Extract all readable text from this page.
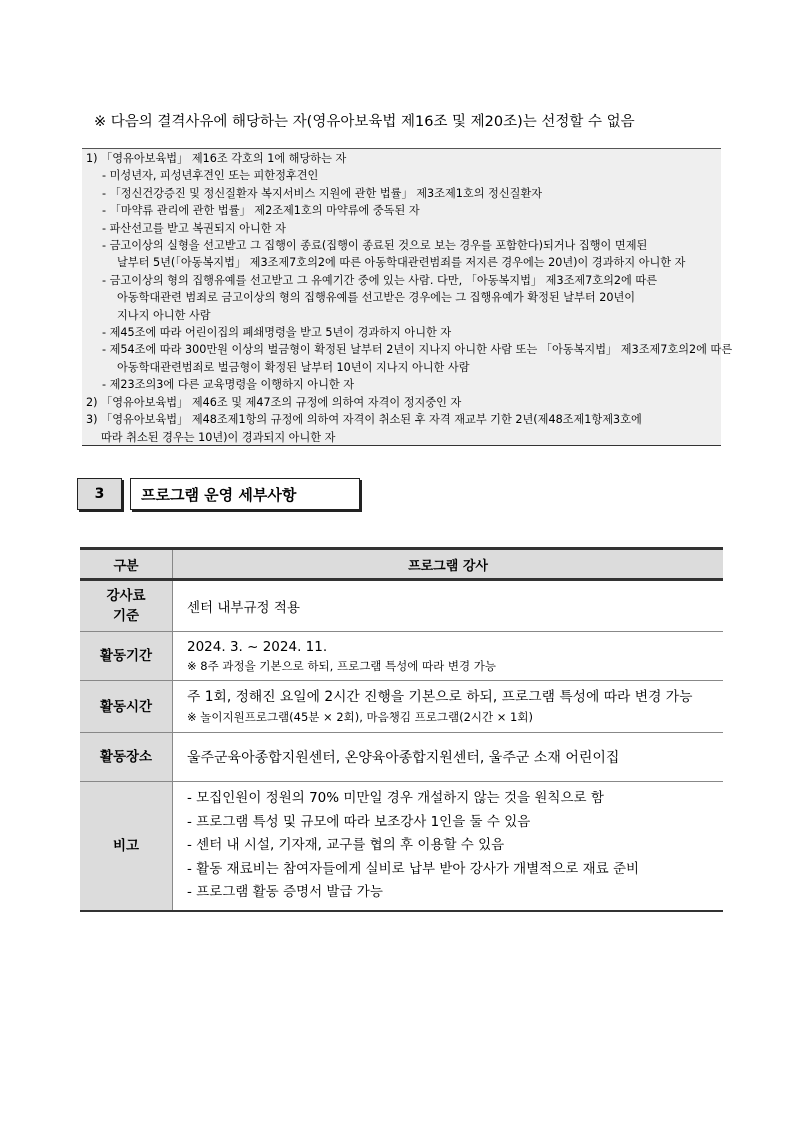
※ 다음의 결격사유에 해당하는 자(영유아보육법 제16조 및 제20조)는 선정할 수 없음
1) 「영유아보육법」 제16조 각호의 1에 해당하는 자
- 미성년자, 피성년후견인 또는 피한정후견인
- 「정신건강증진 및 정신질환자 복지서비스 지원에 관한 법률」 제3조제1호의 정신질환자
- 「마약류 관리에 관한 법률」 제2조제1호의 마약류에 중독된 자
- 파산선고를 받고 복권되지 아니한 자
- 금고이상의 실형을 선고받고 그 집행이 종료(집행이 종료된 것으로 보는 경우를 포함한다)되거나 집행이 면제된
날부터 5년(「아동복지법」 제3조제7호의2에 따른 아동학대관련범죄를 저지른 경우에는 20년)이 경과하지 아니한 자
- 금고이상의 형의 집행유예를 선고받고 그 유예기간 중에 있는 사람. 다만, 「아동복지법」 제3조제7호의2에 따른
아동학대관련 범죄로 금고이상의 형의 집행유예를 선고받은 경우에는 그 집행유예가 확정된 날부터 20년이
지나지 아니한 사람
- 제45조에 따라 어린이집의 폐쇄명령을 받고 5년이 경과하지 아니한 자
- 제54조에 따라 300만원 이상의 벌금형이 확정된 날부터 2년이 지나지 아니한 사람 또는 「아동복지법」 제3조제7호의2에 따른
아동학대관련범죄로 벌금형이 확정된 날부터 10년이 지나지 아니한 사람
- 제23조의3에 다른 교육명령을 이행하지 아니한 자
2) 「영유아보육법」 제46조 및 제47조의 규정에 의하여 자격이 정지중인 자
3) 「영유아보육법」 제48조제1항의 규정에 의하여 자격이 취소된 후 자격 재교부 기한 2년(제48조제1항제3호에
따라 취소된 경우는 10년)이 경과되지 아니한 자
3	프로그램 운영 세부사항
구분	프로그램 강사

강사료
기준	센터 내부규정 적용
활동기간	2024. 3. ~ 2024. 11.
※ 8주 과정을 기본으로 하되, 프로그램 특성에 따라 변경 가능

활동시간	주 1회, 정해진 요일에 2시간 진행을 기본으로 하되, 프로그램 특성에 따라 변경 가능
※ 놀이지원프로그램(45분 × 2회), 마음챙김 프로그램(2시간 × 1회)

활동장소	울주군육아종합지원센터, 온양육아종합지원센터, 울주군 소재 어린이집
비고	- 모집인원이 정원의 70% 미만일 경우 개설하지 않는 것을 원칙으로 함
- 프로그램 특성 및 규모에 따라 보조강사 1인을 둘 수 있음
- 센터 내 시설, 기자재, 교구를 협의 후 이용할 수 있음
- 활동 재료비는 참여자들에게 실비로 납부 받아 강사가 개별적으로 재료 준비
- 프로그램 활동 증명서 발급 가능
